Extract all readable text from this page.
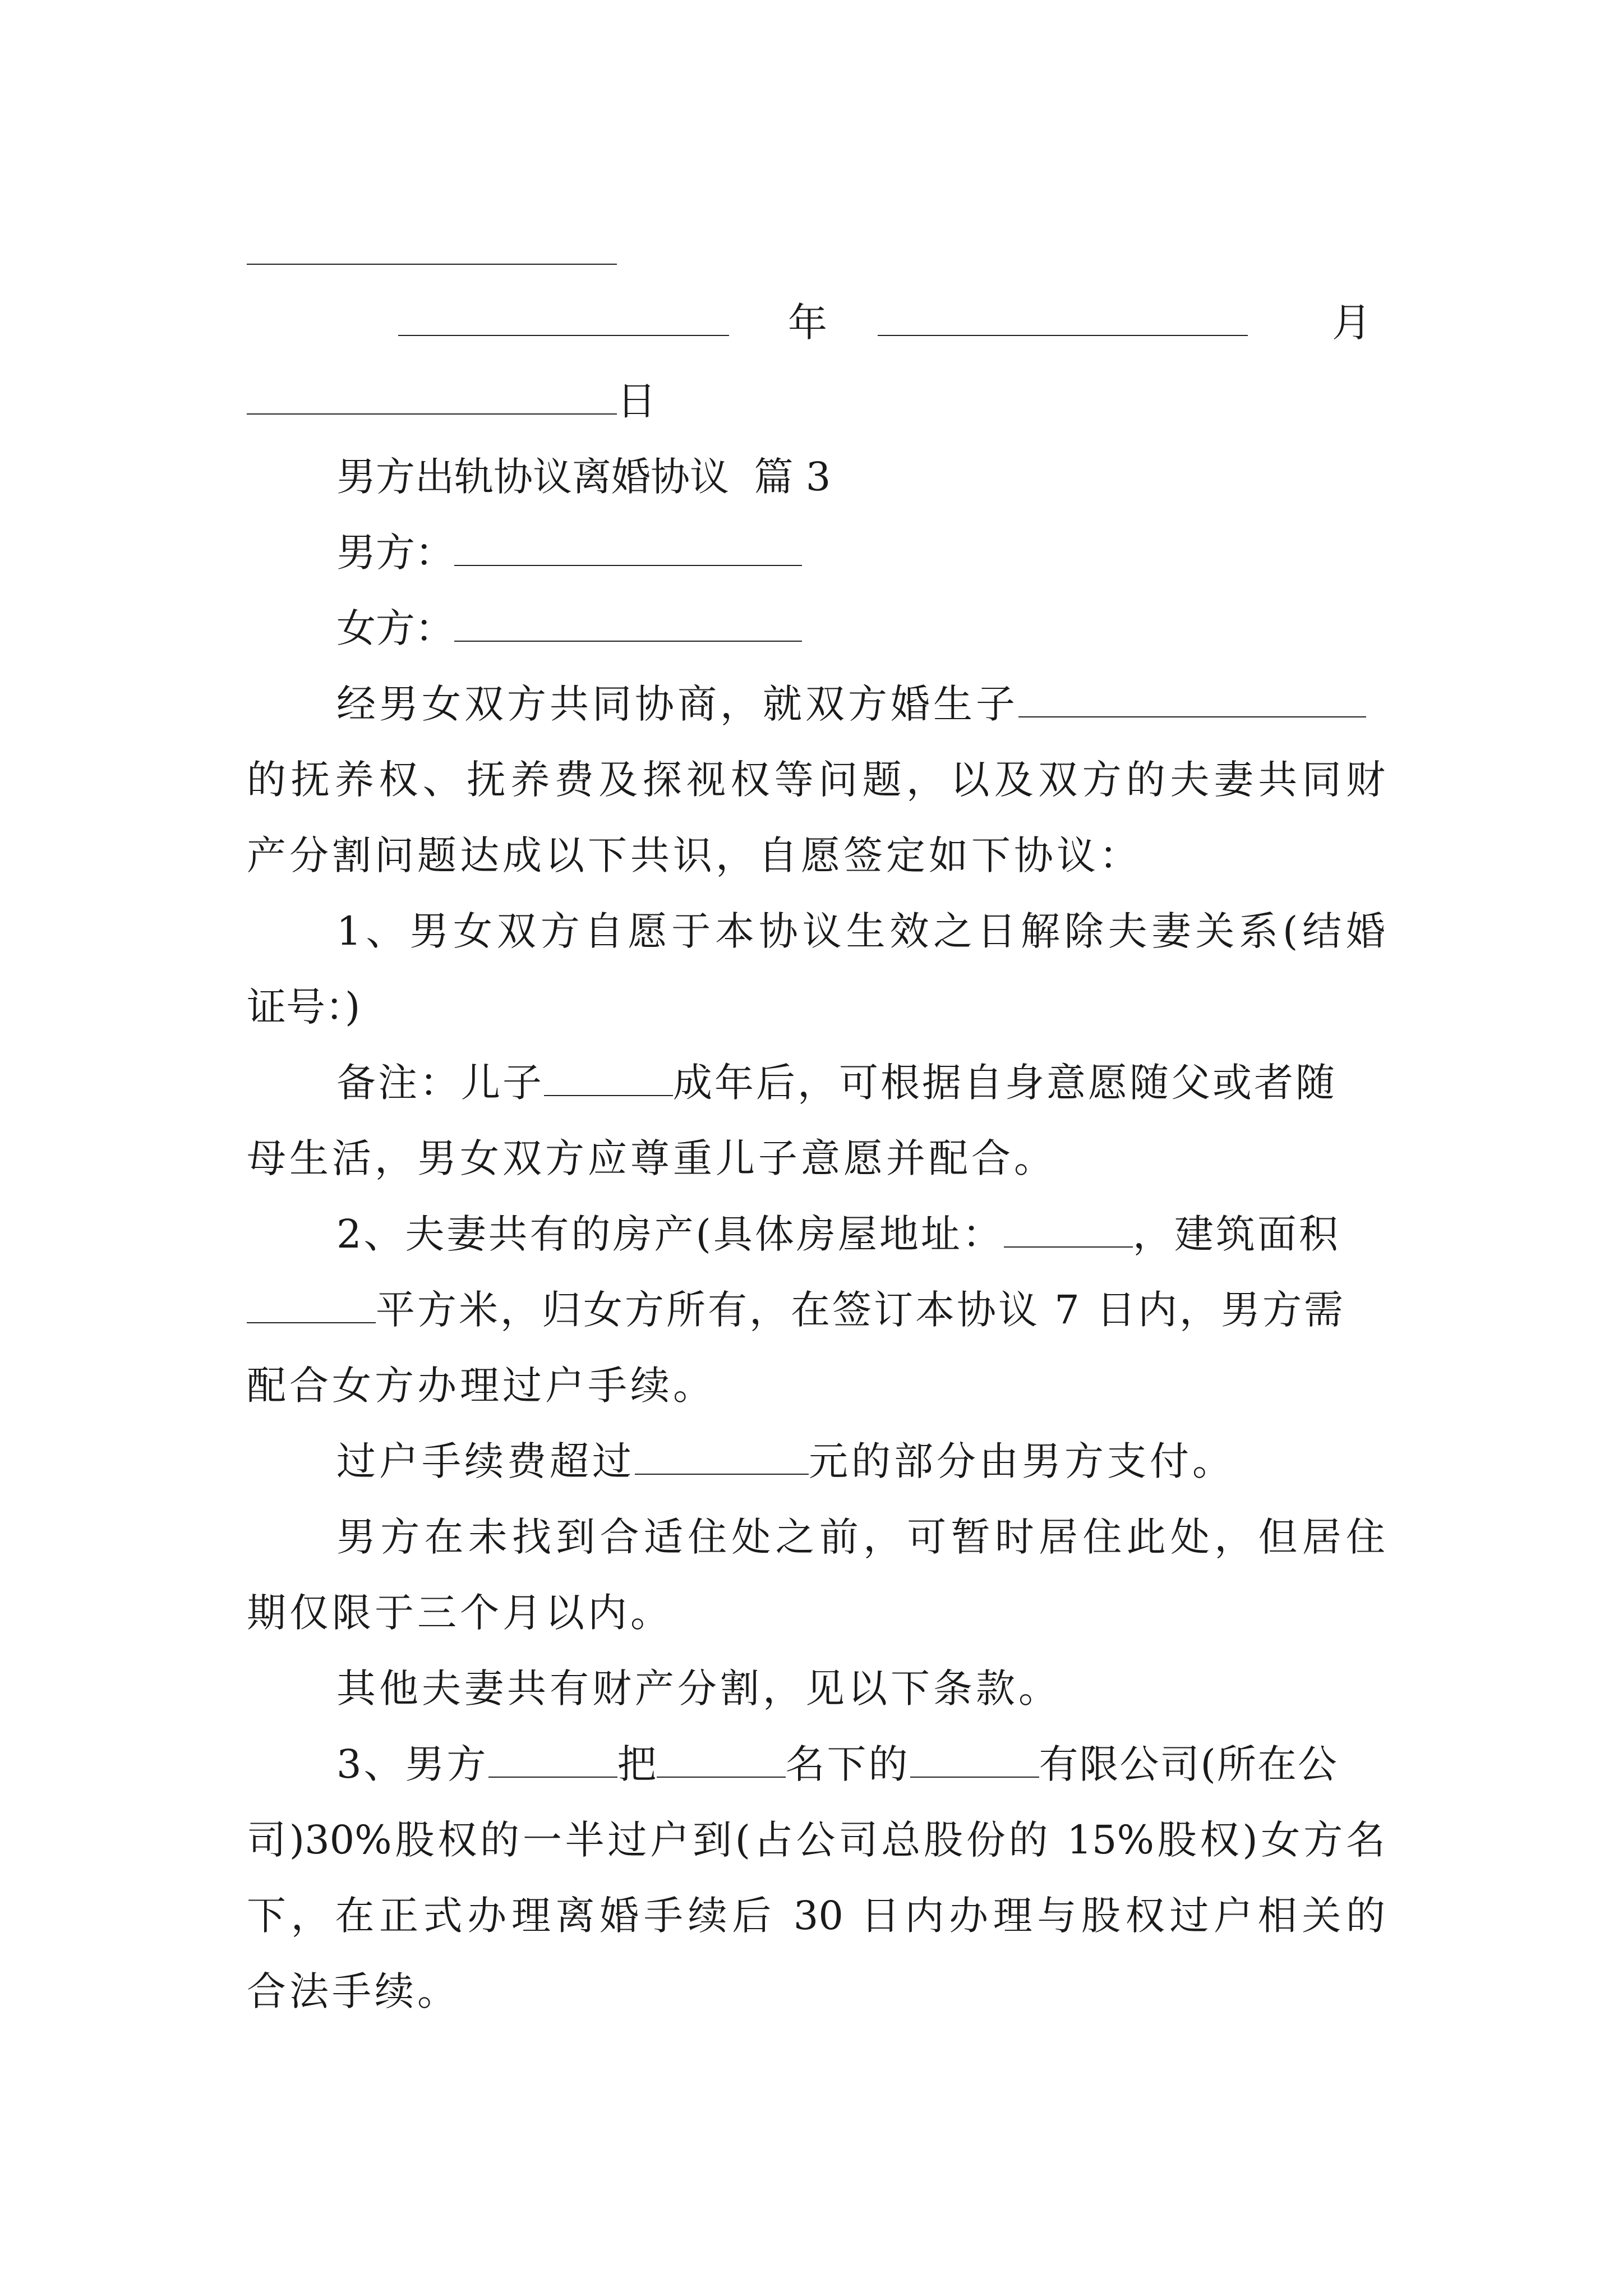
年	月
日
男方出轨协议离婚协议  篇 3
男方：
女方：
经男女双方共同协商，就双方婚生子
的抚养权、抚养费及探视权等问题，以及双方的夫妻共同财
产分割问题达成以下共识，自愿签定如下协议：
1、男女双方自愿于本协议生效之日解除夫妻关系(结婚
证号：)
备注：儿子	成年后，可根据自身意愿随父或者随
母生活，男女双方应尊重儿子意愿并配合。
2、夫妻共有的房产(具体房屋地址：	，建筑面积
平方米，归女方所有，在签订本协议 7 日内，男方需
配合女方办理过户手续。
过户手续费超过	元的部分由男方支付。
男方在未找到合适住处之前，可暂时居住此处，但居住
期仅限于三个月以内。
其他夫妻共有财产分割，见以下条款。
3、男方	把	名下的	有限公司(所在公
司)30%股权的一半过户到(占公司总股份的 15%股权)女方名
下，在正式办理离婚手续后 30 日内办理与股权过户相关的
合法手续。
